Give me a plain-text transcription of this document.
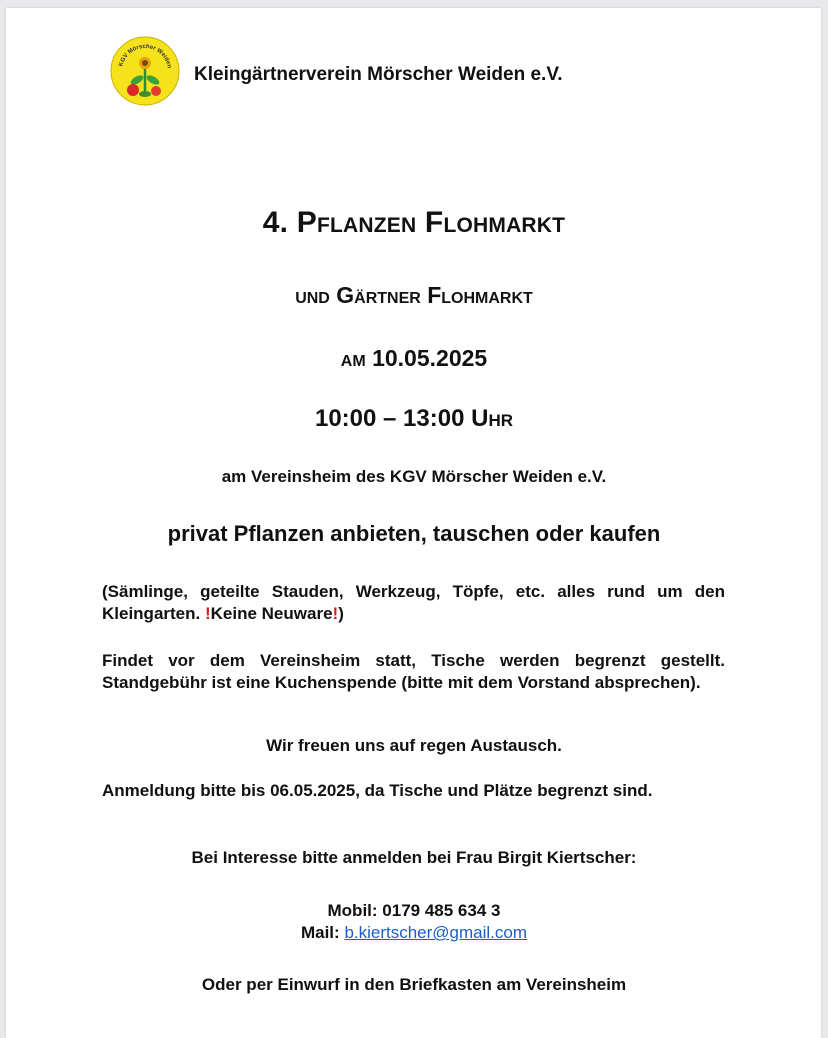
KGV Mörscher Weiden Kleingärtnerverein Mörscher Weiden e.V.
4. Pflanzen Flohmarkt
und Gärtner Flohmarkt
am 10.05.2025
10:00 – 13:00 Uhr
am Vereinsheim des KGV Mörscher Weiden e.V.
privat Pflanzen anbieten, tauschen oder kaufen
(Sämlinge, geteilte Stauden, Werkzeug, Töpfe, etc. alles rund um den Kleingarten. !Keine Neuware!)
Findet vor dem Vereinsheim statt, Tische werden begrenzt gestellt. Standgebühr ist eine Kuchenspende (bitte mit dem Vorstand absprechen).
Wir freuen uns auf regen Austausch.
Anmeldung bitte bis 06.05.2025, da Tische und Plätze begrenzt sind.
Bei Interesse bitte anmelden bei Frau Birgit Kiertscher:
Mobil: 0179 485 634 3
Mail: b.kiertscher@gmail.com
Oder per Einwurf in den Briefkasten am Vereinsheim
